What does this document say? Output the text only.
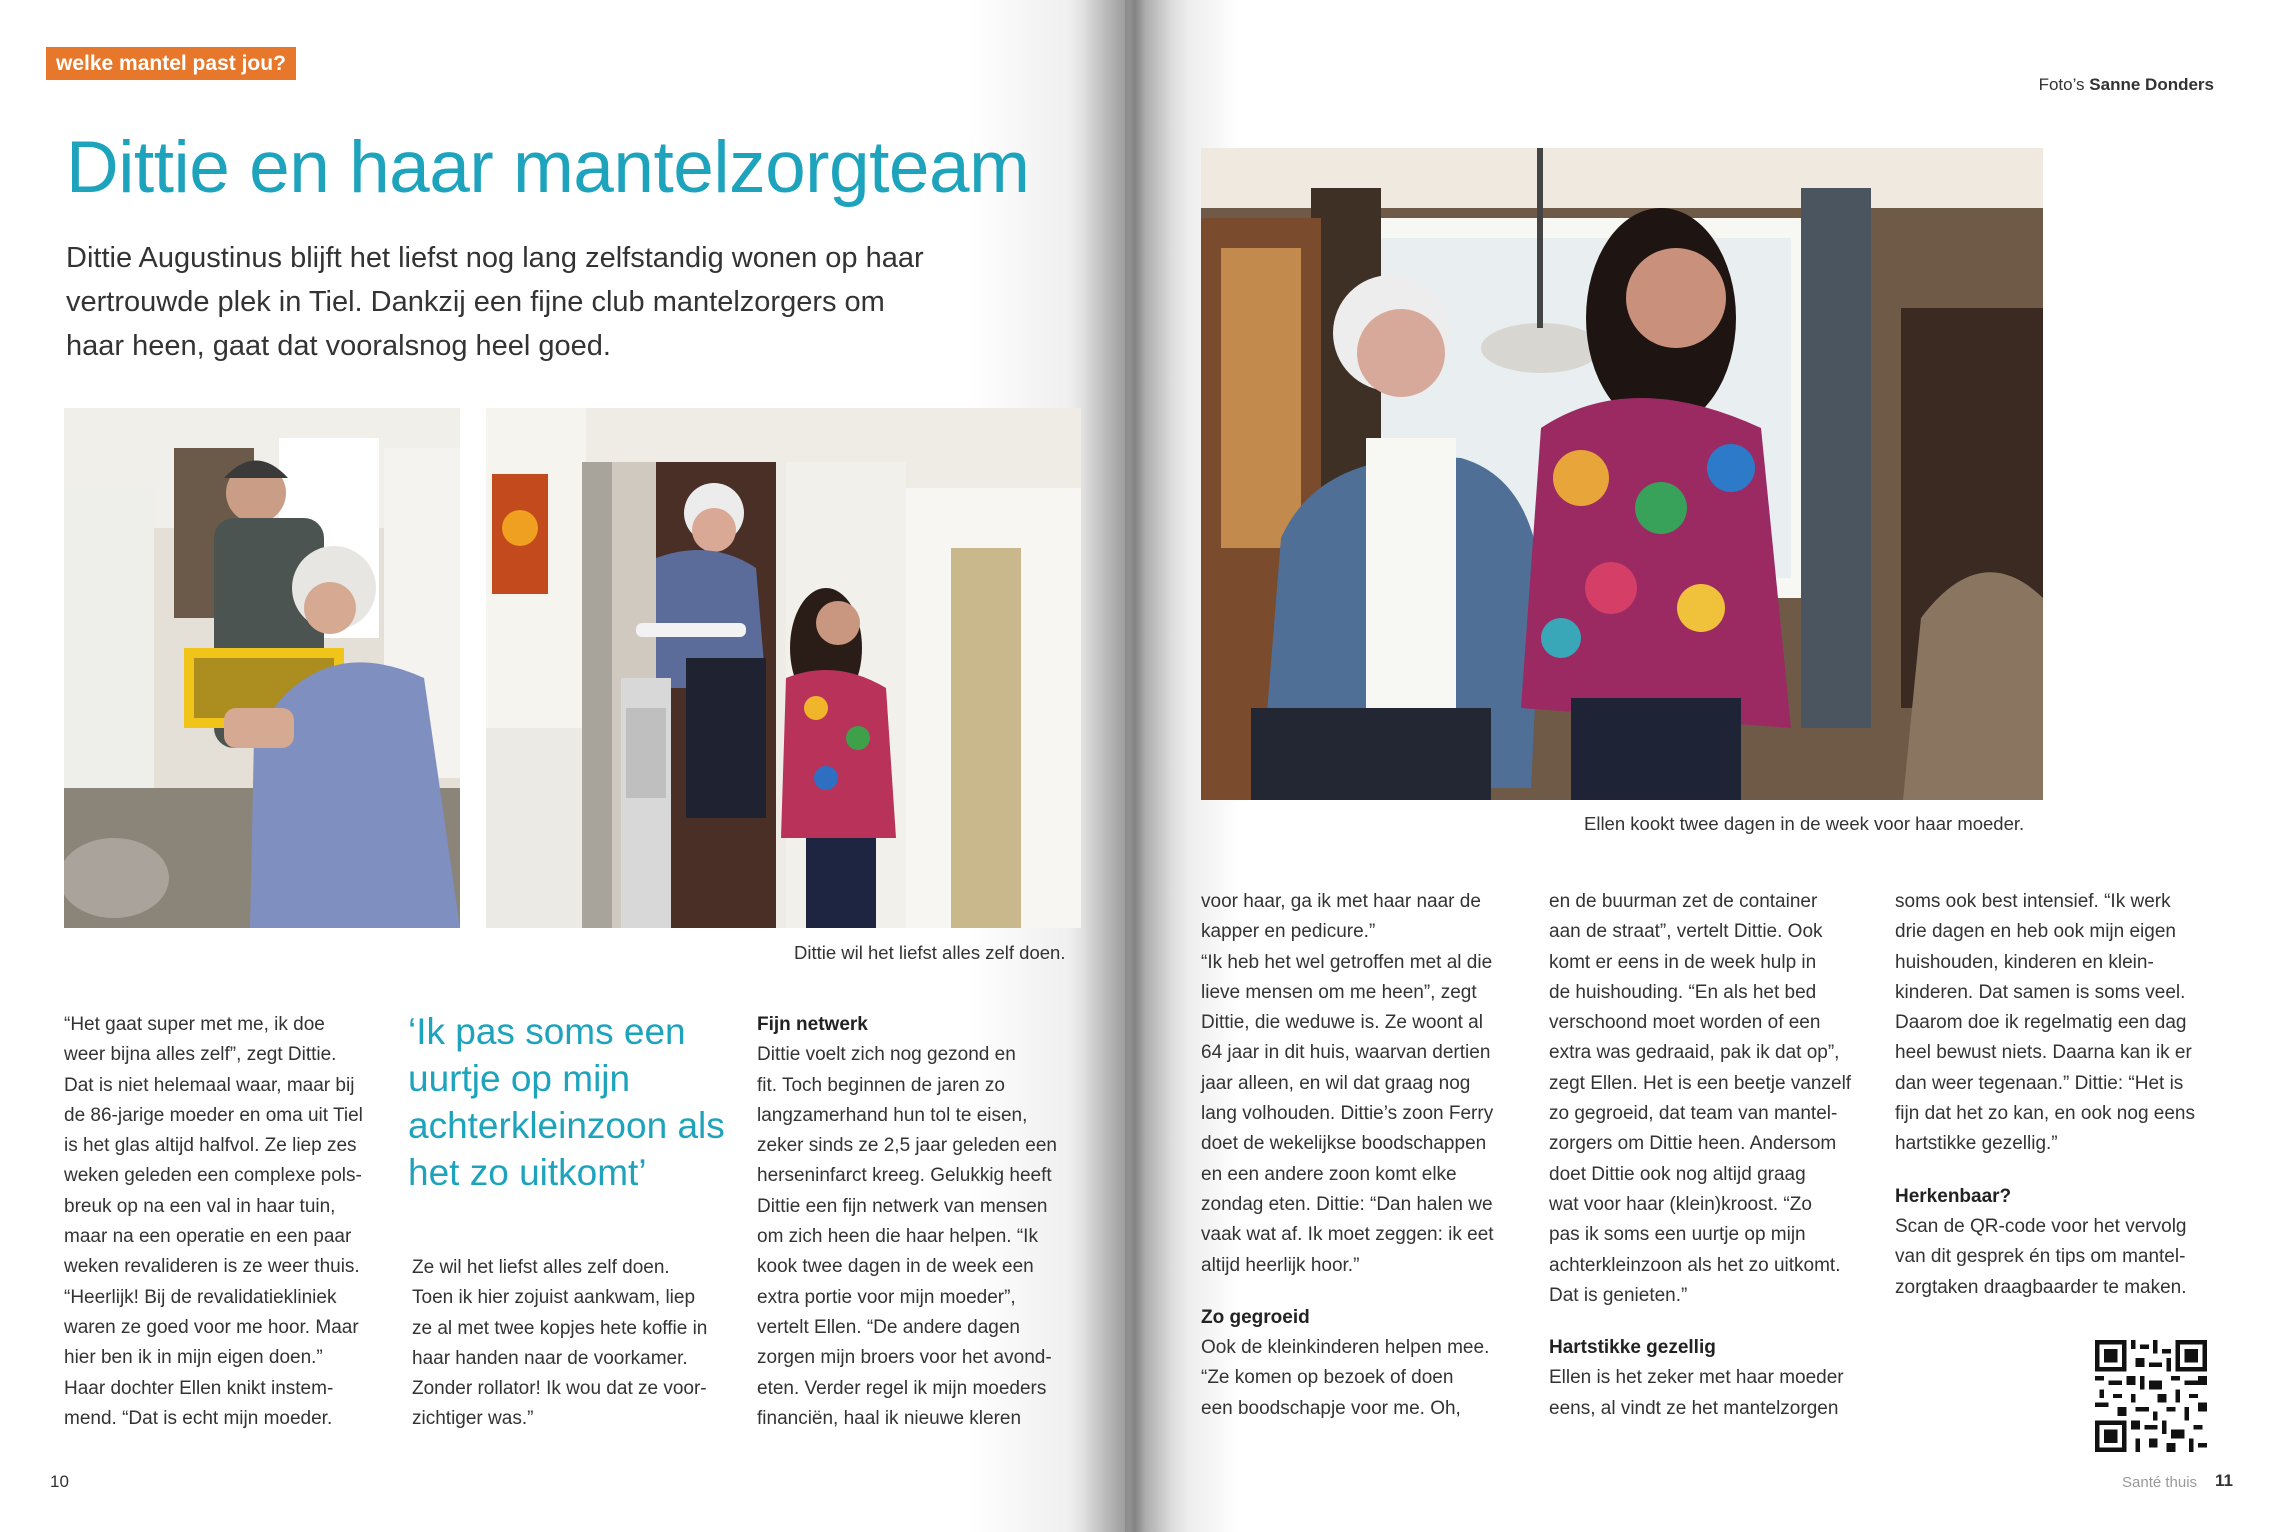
welke mantel past jou?
Dittie en haar mantelzorgteam
Dittie Augustinus blijft het liefst nog lang zelfstandig wonen op haar vertrouwde plek in Tiel. Dankzij een fijne club mantelzorgers om haar heen, gaat dat vooralsnog heel goed.
Dittie wil het liefst alles zelf doen.

“Het gaat super met me, ik doe

weer bijna alles zelf”, zegt Dittie.

Dat is niet helemaal waar, maar bij

de 86-jarige moeder en oma uit Tiel

is het glas altijd halfvol. Ze liep zes

weken geleden een complexe pols-

breuk op na een val in haar tuin,

maar na een operatie en een paar

weken revalideren is ze weer thuis.

“Heerlijk! Bij de revalidatiekliniek

waren ze goed voor me hoor. Maar

hier ben ik in mijn eigen doen.”

Haar dochter Ellen knikt instem-

mend. “Dat is echt mijn moeder.

‘Ik pas soms een uurtje op mijn achterkleinzoon als het zo uitkomt’

Ze wil het liefst alles zelf doen.

Toen ik hier zojuist aankwam, liep

ze al met twee kopjes hete koffie in

haar handen naar de voorkamer.

Zonder rollator! Ik wou dat ze voor-

zichtiger was.”

Fijn netwerk

Dittie voelt zich nog gezond en

fit. Toch beginnen de jaren zo

langzamerhand hun tol te eisen,

zeker sinds ze 2,5 jaar geleden een

herseninfarct kreeg. Gelukkig heeft

Dittie een fijn netwerk van mensen

om zich heen die haar helpen. “Ik

kook twee dagen in de week een

extra portie voor mijn moeder”,

vertelt Ellen. “De andere dagen

zorgen mijn broers voor het avond-

eten. Verder regel ik mijn moeders

financiën, haal ik nieuwe kleren

10
Foto’s Sanne Donders
Ellen kookt twee dagen in de week voor haar moeder.

voor haar, ga ik met haar naar de

kapper en pedicure.”

“Ik heb het wel getroffen met al die

lieve mensen om me heen”, zegt

Dittie, die weduwe is. Ze woont al

64 jaar in dit huis, waarvan dertien

jaar alleen, en wil dat graag nog

lang volhouden. Dittie’s zoon Ferry

doet de wekelijkse boodschappen

en een andere zoon komt elke

zondag eten. Dittie: “Dan halen we

vaak wat af. Ik moet zeggen: ik eet

altijd heerlijk hoor.”

Zo gegroeid

Ook de kleinkinderen helpen mee.

“Ze komen op bezoek of doen

een boodschapje voor me. Oh,

en de buurman zet de container

aan de straat”, vertelt Dittie. Ook

komt er eens in de week hulp in

de huishouding. “En als het bed

verschoond moet worden of een

extra was gedraaid, pak ik dat op”,

zegt Ellen. Het is een beetje vanzelf

zo gegroeid, dat team van mantel-

zorgers om Dittie heen. Andersom

doet Dittie ook nog altijd graag

wat voor haar (klein)kroost. “Zo

pas ik soms een uurtje op mijn

achterkleinzoon als het zo uitkomt.

Dat is genieten.”

Hartstikke gezellig

Ellen is het zeker met haar moeder

eens, al vindt ze het mantelzorgen

soms ook best intensief. “Ik werk

drie dagen en heb ook mijn eigen

huishouden, kinderen en klein-

kinderen. Dat samen is soms veel.

Daarom doe ik regelmatig een dag

heel bewust niets. Daarna kan ik er

dan weer tegenaan.” Dittie: “Het is

fijn dat het zo kan, en ook nog eens

hartstikke gezellig.”

Herkenbaar?

Scan de QR-code voor het vervolg

van dit gesprek én tips om mantel-

zorgtaken draagbaarder te maken.

Santé thuis 11
